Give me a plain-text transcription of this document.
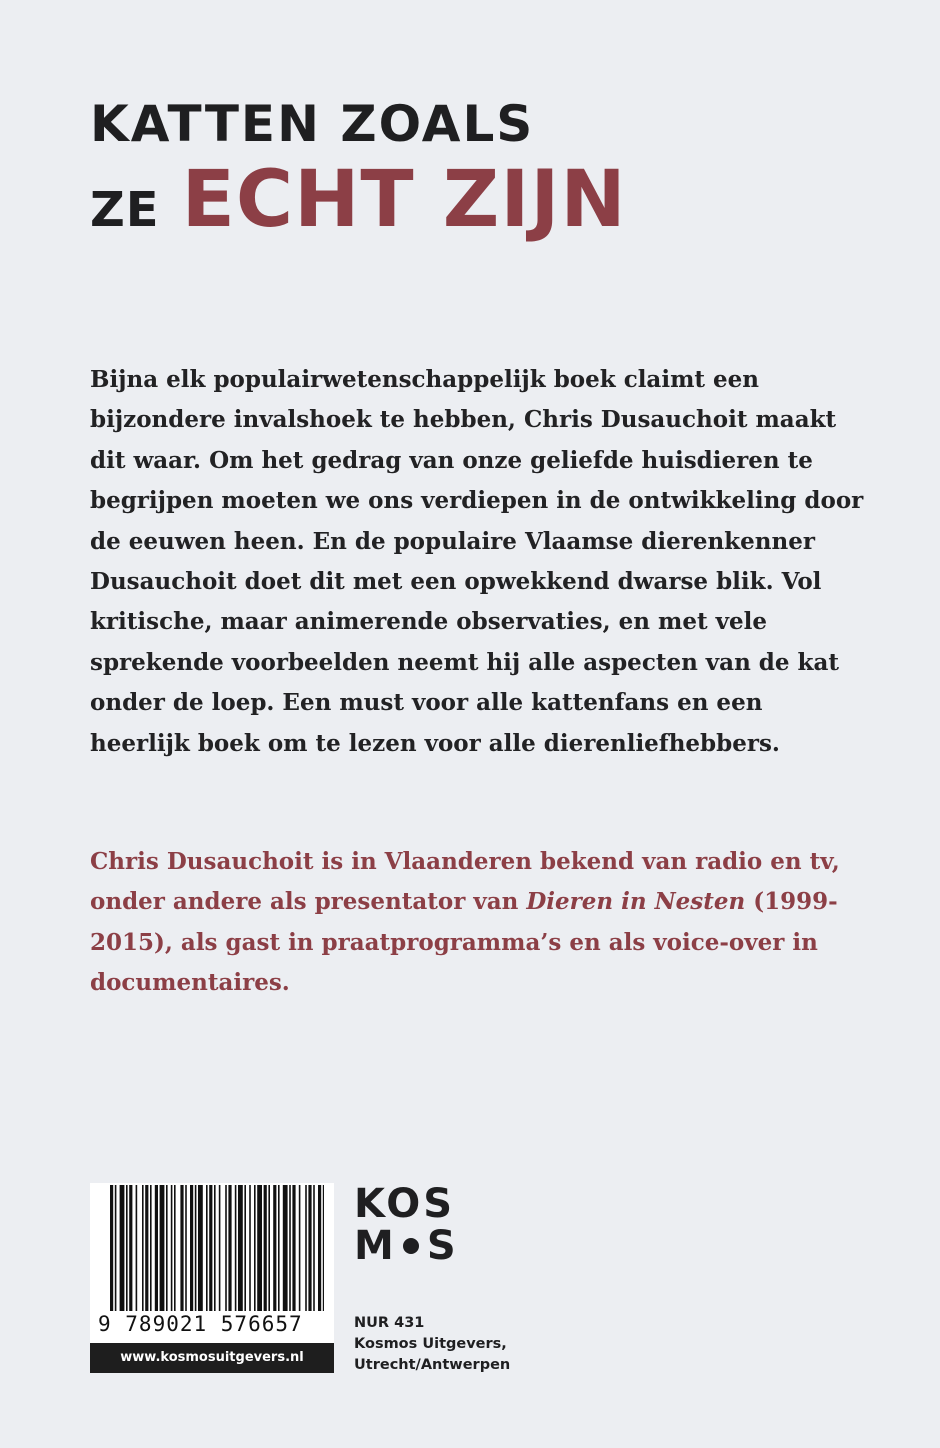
KATTEN ZOALS
ZE ECHT ZIJN

Bijna elk populairwetenschappelijk boek claimt een bijzondere invalshoek te hebben, Chris Dusauchoit maakt dit waar. Om het gedrag van onze geliefde huisdieren te begrijpen moeten we ons verdiepen in de ontwikkeling door de eeuwen heen. En de populaire Vlaamse dierenkenner Dusauchoit doet dit met een opwekkend dwarse blik. Vol kritische, maar animerende observaties, en met vele sprekende voorbeelden neemt hij alle aspecten van de kat onder de loep. Een must voor alle kattenfans en een heerlijk boek om te lezen voor alle dierenliefhebbers.

Chris Dusauchoit is in Vlaanderen bekend van radio en tv, onder andere als presentator van Dieren in Nesten (1999-2015), als gast in praatprogramma’s en als voice-over in documentaires.

9 789021 576657
www.kosmosuitgevers.nl
KOS
M S
NUR 431
Kosmos Uitgevers,
Utrecht/Antwerpen
